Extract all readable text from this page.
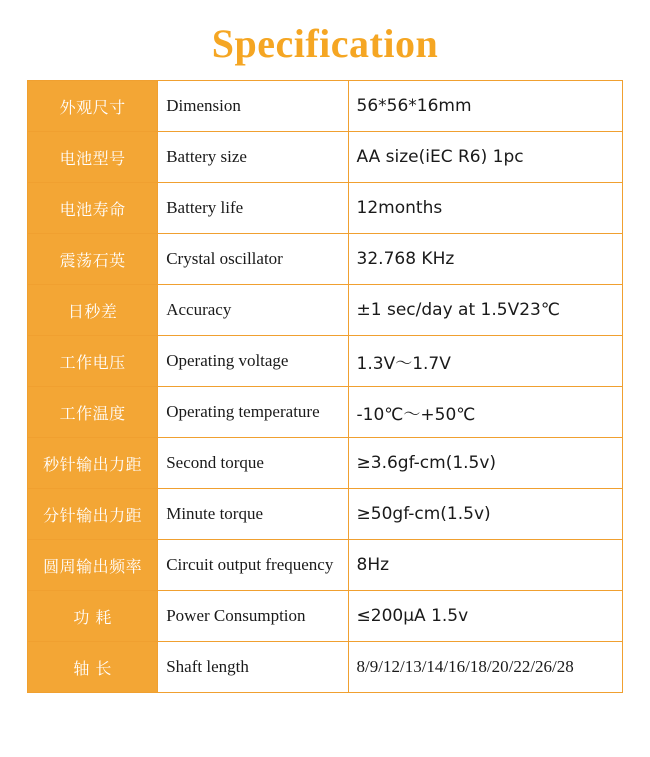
Specification
外观尺寸	Dimension	56*56*16mm
电池型号	Battery size	AA size(iEC R6) 1pc
电池寿命	Battery life	12months
震荡石英	Crystal oscillator	32.768 KHz
日秒差	Accuracy	±1 sec/day at 1.5V23℃
工作电压	Operating voltage	1.3V～1.7V
工作温度	Operating temperature	-10℃～+50℃
秒针输出力距	Second torque	≥3.6gf-cm(1.5v)
分针输出力距	Minute torque	≥50gf-cm(1.5v)
圆周输出频率	Circuit output frequency	8Hz
功 耗	Power Consumption	≤200μA 1.5v
轴 长	Shaft length	8/9/12/13/14/16/18/20/22/26/28
